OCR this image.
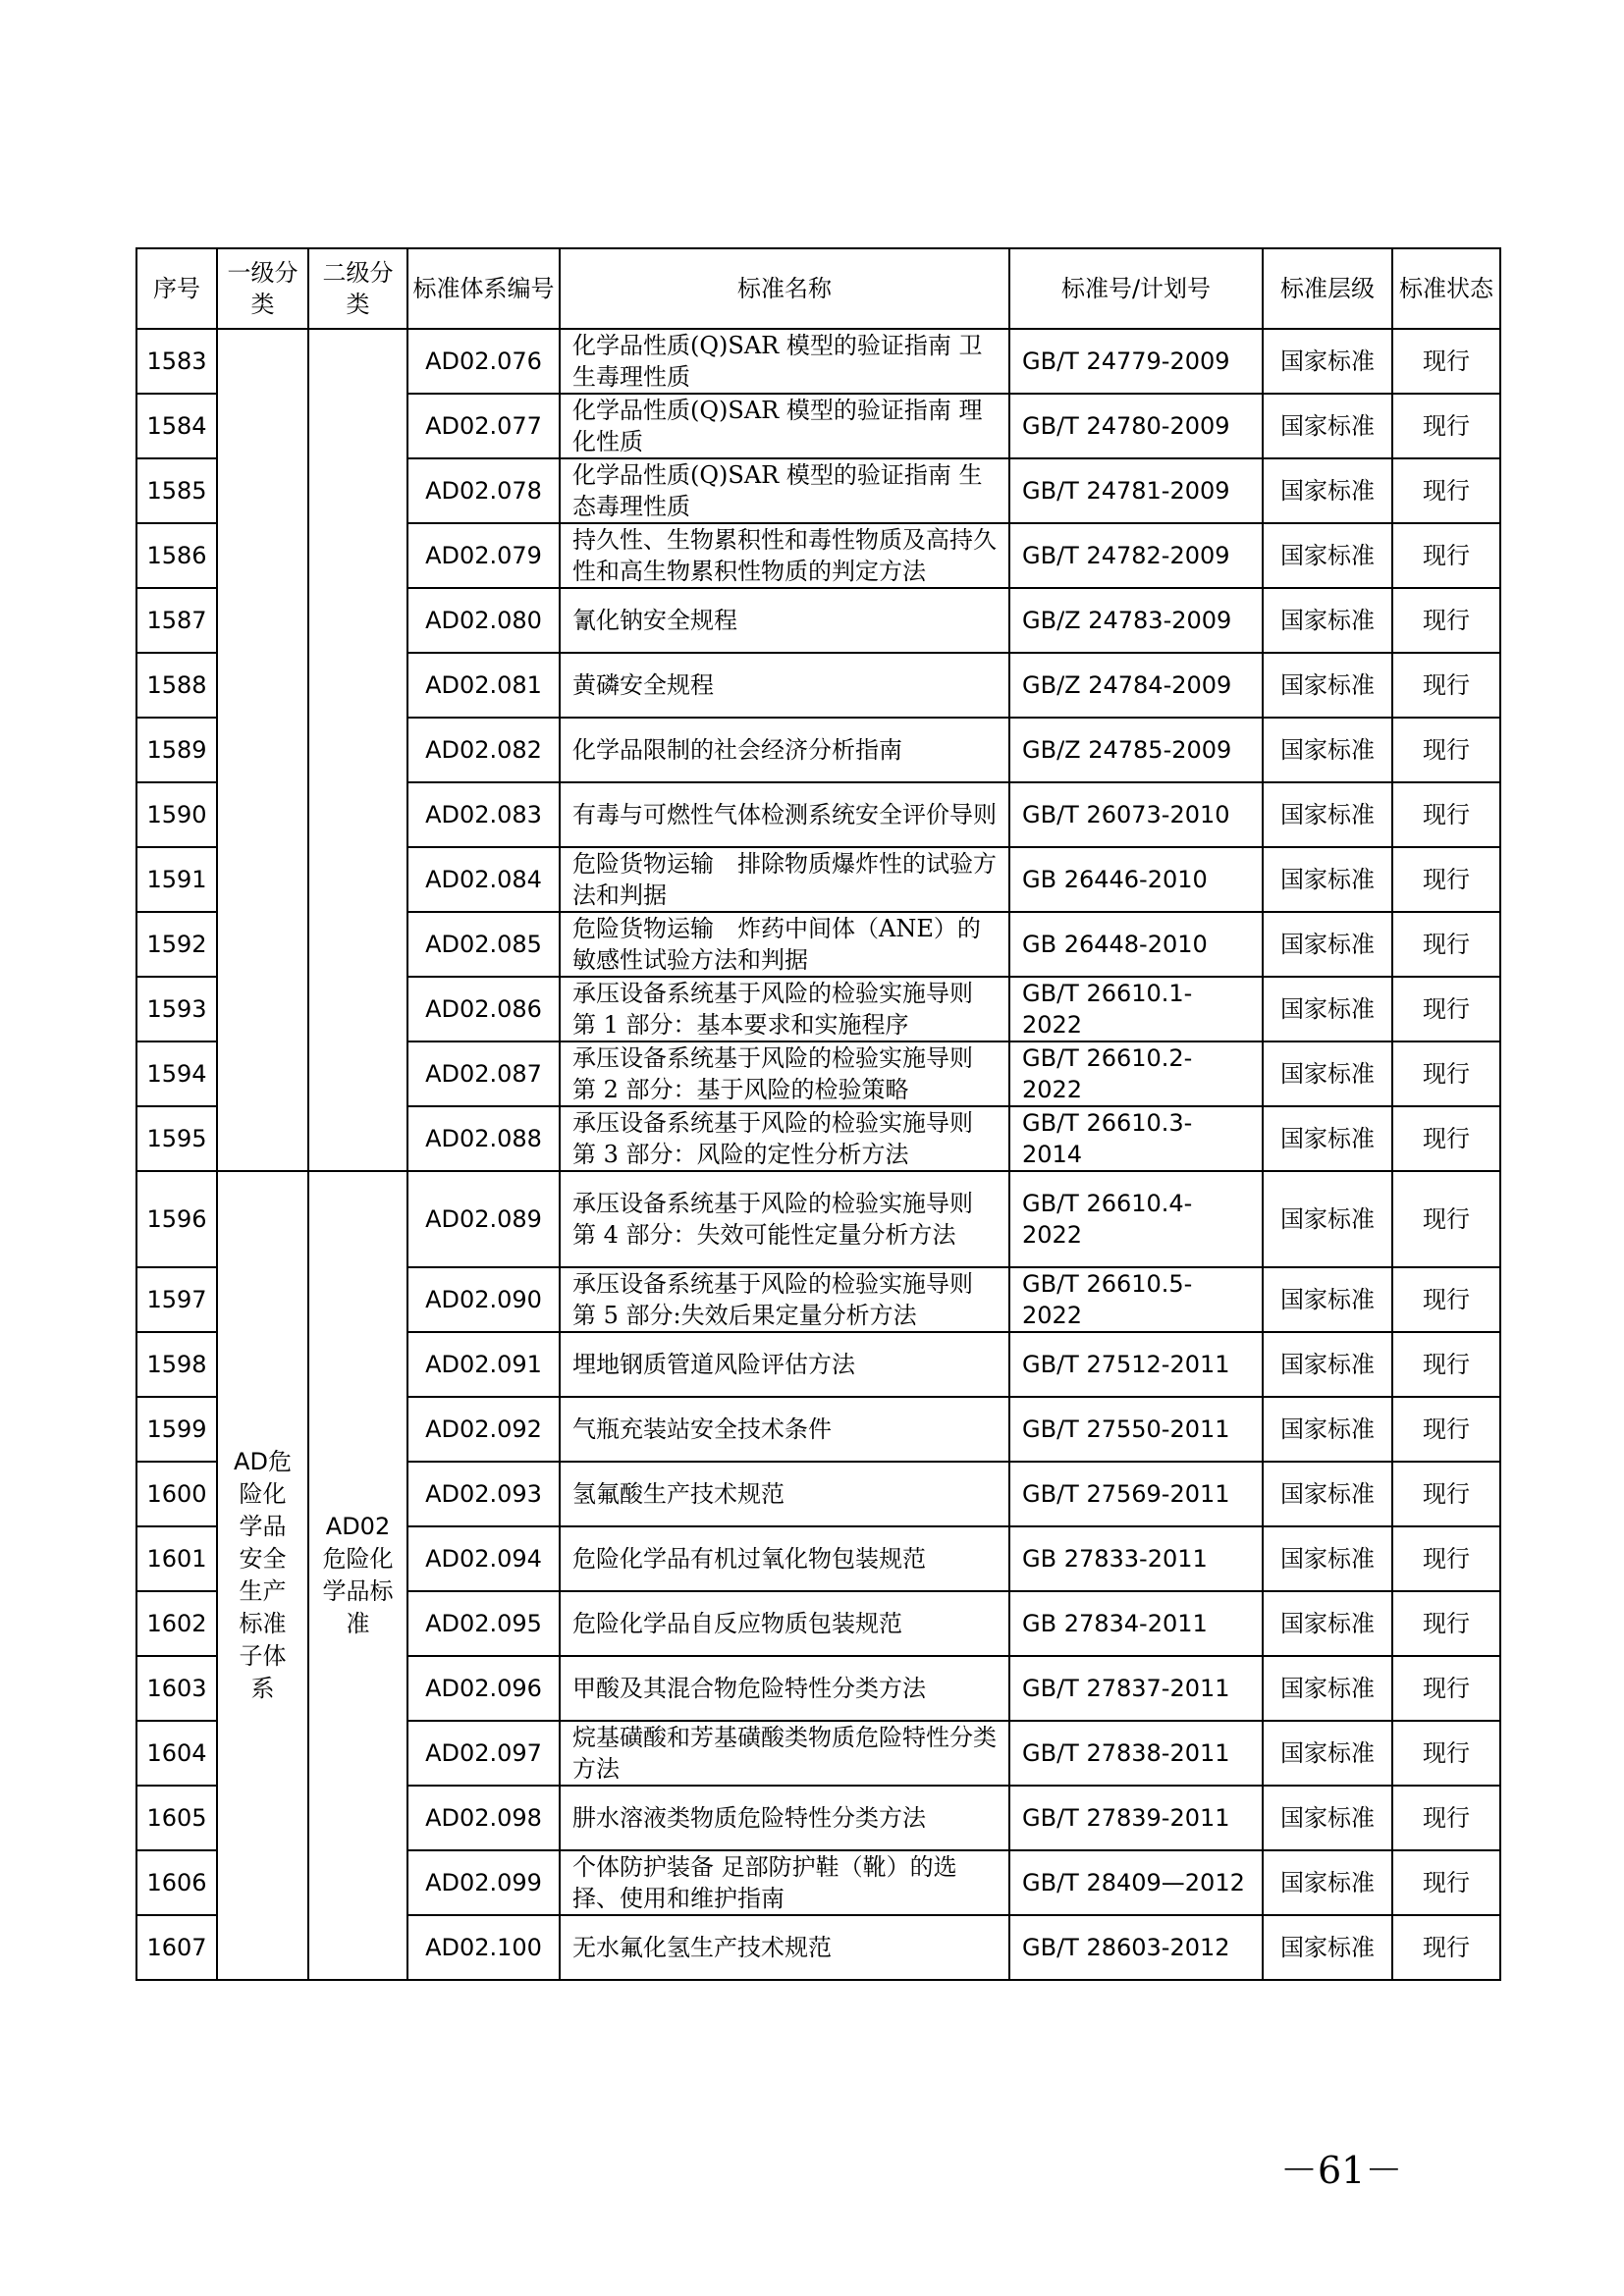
序号	一级分类	二级分类	标准体系编号	标准名称	标准号/计划号	标准层级	标准状态
1583			AD02.076	化学品性质(Q)SAR 模型的验证指南 卫生毒理性质	GB/T 24779-2009	国家标准	现行
1584			AD02.077	化学品性质(Q)SAR 模型的验证指南 理化性质	GB/T 24780-2009	国家标准	现行
1585			AD02.078	化学品性质(Q)SAR 模型的验证指南 生态毒理性质	GB/T 24781-2009	国家标准	现行
1586			AD02.079	持久性、生物累积性和毒性物质及高持久性和高生物累积性物质的判定方法	GB/T 24782-2009	国家标准	现行
1587			AD02.080	氰化钠安全规程	GB/Z 24783-2009	国家标准	现行
1588			AD02.081	黄磷安全规程	GB/Z 24784-2009	国家标准	现行
1589			AD02.082	化学品限制的社会经济分析指南	GB/Z 24785-2009	国家标准	现行
1590			AD02.083	有毒与可燃性气体检测系统安全评价导则	GB/T 26073-2010	国家标准	现行
1591			AD02.084	危险货物运输　排除物质爆炸性的试验方法和判据	GB 26446-2010	国家标准	现行
1592			AD02.085	危险货物运输　炸药中间体（ANE）的敏感性试验方法和判据	GB 26448-2010	国家标准	现行
1593			AD02.086	承压设备系统基于风险的检验实施导则 第 1 部分：基本要求和实施程序	GB/T 26610.1-2022	国家标准	现行
1594			AD02.087	承压设备系统基于风险的检验实施导则 第 2 部分：基于风险的检验策略	GB/T 26610.2-2022	国家标准	现行
1595			AD02.088	承压设备系统基于风险的检验实施导则 第 3 部分：风险的定性分析方法	GB/T 26610.3-2014	国家标准	现行
1596	AD危险化学品安全生产标准子体系	AD02危险化学品标准	AD02.089	承压设备系统基于风险的检验实施导则 第 4 部分：失效可能性定量分析方法	GB/T 26610.4-2022	国家标准	现行
1597			AD02.090	承压设备系统基于风险的检验实施导则 第 5 部分:失效后果定量分析方法	GB/T 26610.5-2022	国家标准	现行
1598			AD02.091	埋地钢质管道风险评估方法	GB/T 27512-2011	国家标准	现行
1599			AD02.092	气瓶充装站安全技术条件	GB/T 27550-2011	国家标准	现行
1600			AD02.093	氢氟酸生产技术规范	GB/T 27569-2011	国家标准	现行
1601			AD02.094	危险化学品有机过氧化物包装规范	GB 27833-2011	国家标准	现行
1602			AD02.095	危险化学品自反应物质包装规范	GB 27834-2011	国家标准	现行
1603			AD02.096	甲酸及其混合物危险特性分类方法	GB/T 27837-2011	国家标准	现行
1604			AD02.097	烷基磺酸和芳基磺酸类物质危险特性分类方法	GB/T 27838-2011	国家标准	现行
1605			AD02.098	肼水溶液类物质危险特性分类方法	GB/T 27839-2011	国家标准	现行
1606			AD02.099	个体防护装备 足部防护鞋（靴）的选择、使用和维护指南	GB/T 28409—2012	国家标准	现行
1607			AD02.100	无水氟化氢生产技术规范	GB/T 28603-2012	国家标准	现行
－61－
